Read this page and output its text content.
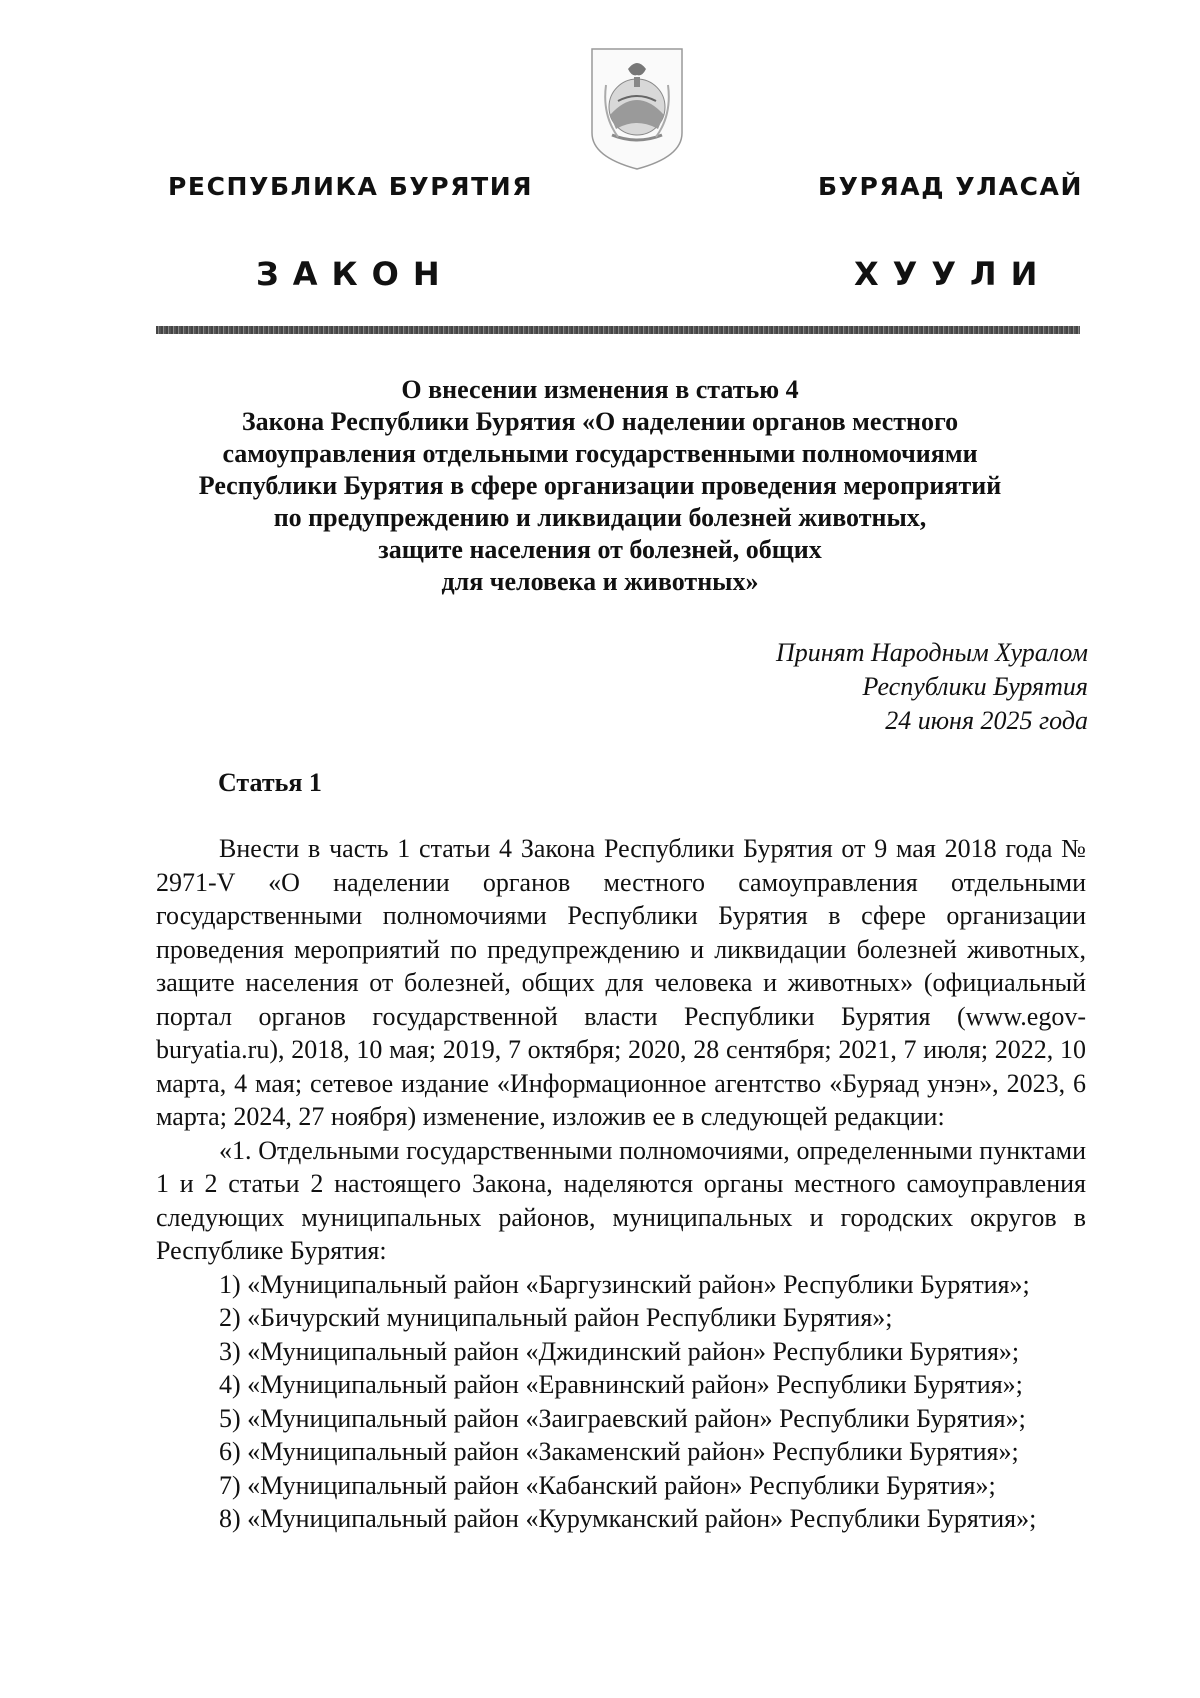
РЕСПУБЛИКА БУРЯТИЯ	БУРЯАД УЛАСАЙ
ЗАКОН	ХУУЛИ
О внесении изменения в статью 4
Закона Республики Бурятия «О наделении органов местного
самоуправления отдельными государственными полномочиями
Республики Бурятия в сфере организации проведения мероприятий
по предупреждению и ликвидации болезней животных,
защите населения от болезней, общих
для человека и животных»
Принят Народным Хуралом
Республики Бурятия
24 июня 2025 года
Статья 1

Внести в часть 1 статьи 4 Закона Республики Бурятия от 9 мая 2018 года № 2971-V «О наделении органов местного самоуправления отдельными государственными полномочиями Республики Бурятия в сфере организации проведения мероприятий по предупреждению и ликвидации болезней животных, защите населения от болезней, общих для человека и животных» (официальный портал органов государственной власти Республики Бурятия (www.egov-buryatia.ru), 2018, 10 мая; 2019, 7 октября; 2020, 28 сентября; 2021, 7 июля; 2022, 10 марта, 4 мая; сетевое издание «Информационное агентство «Буряад унэн», 2023, 6 марта; 2024, 27 ноября) изменение, изложив ее в следующей редакции:

«1. Отдельными государственными полномочиями, определенными пунктами 1 и 2 статьи 2 настоящего Закона, наделяются органы местного самоуправления следующих муниципальных районов, муниципальных и городских округов в Республике Бурятия:

1) «Муниципальный район «Баргузинский район» Республики Бурятия»;

2) «Бичурский муниципальный район Республики Бурятия»;
3) «Муниципальный район «Джидинский район» Республики Бурятия»;
4) «Муниципальный район «Еравнинский район» Республики Бурятия»;
5) «Муниципальный район «Заиграевский район» Республики Бурятия»;
6) «Муниципальный район «Закаменский район» Республики Бурятия»;
7) «Муниципальный район «Кабанский район» Республики Бурятия»;
8) «Муниципальный район «Курумканский район» Республики Бурятия»;
